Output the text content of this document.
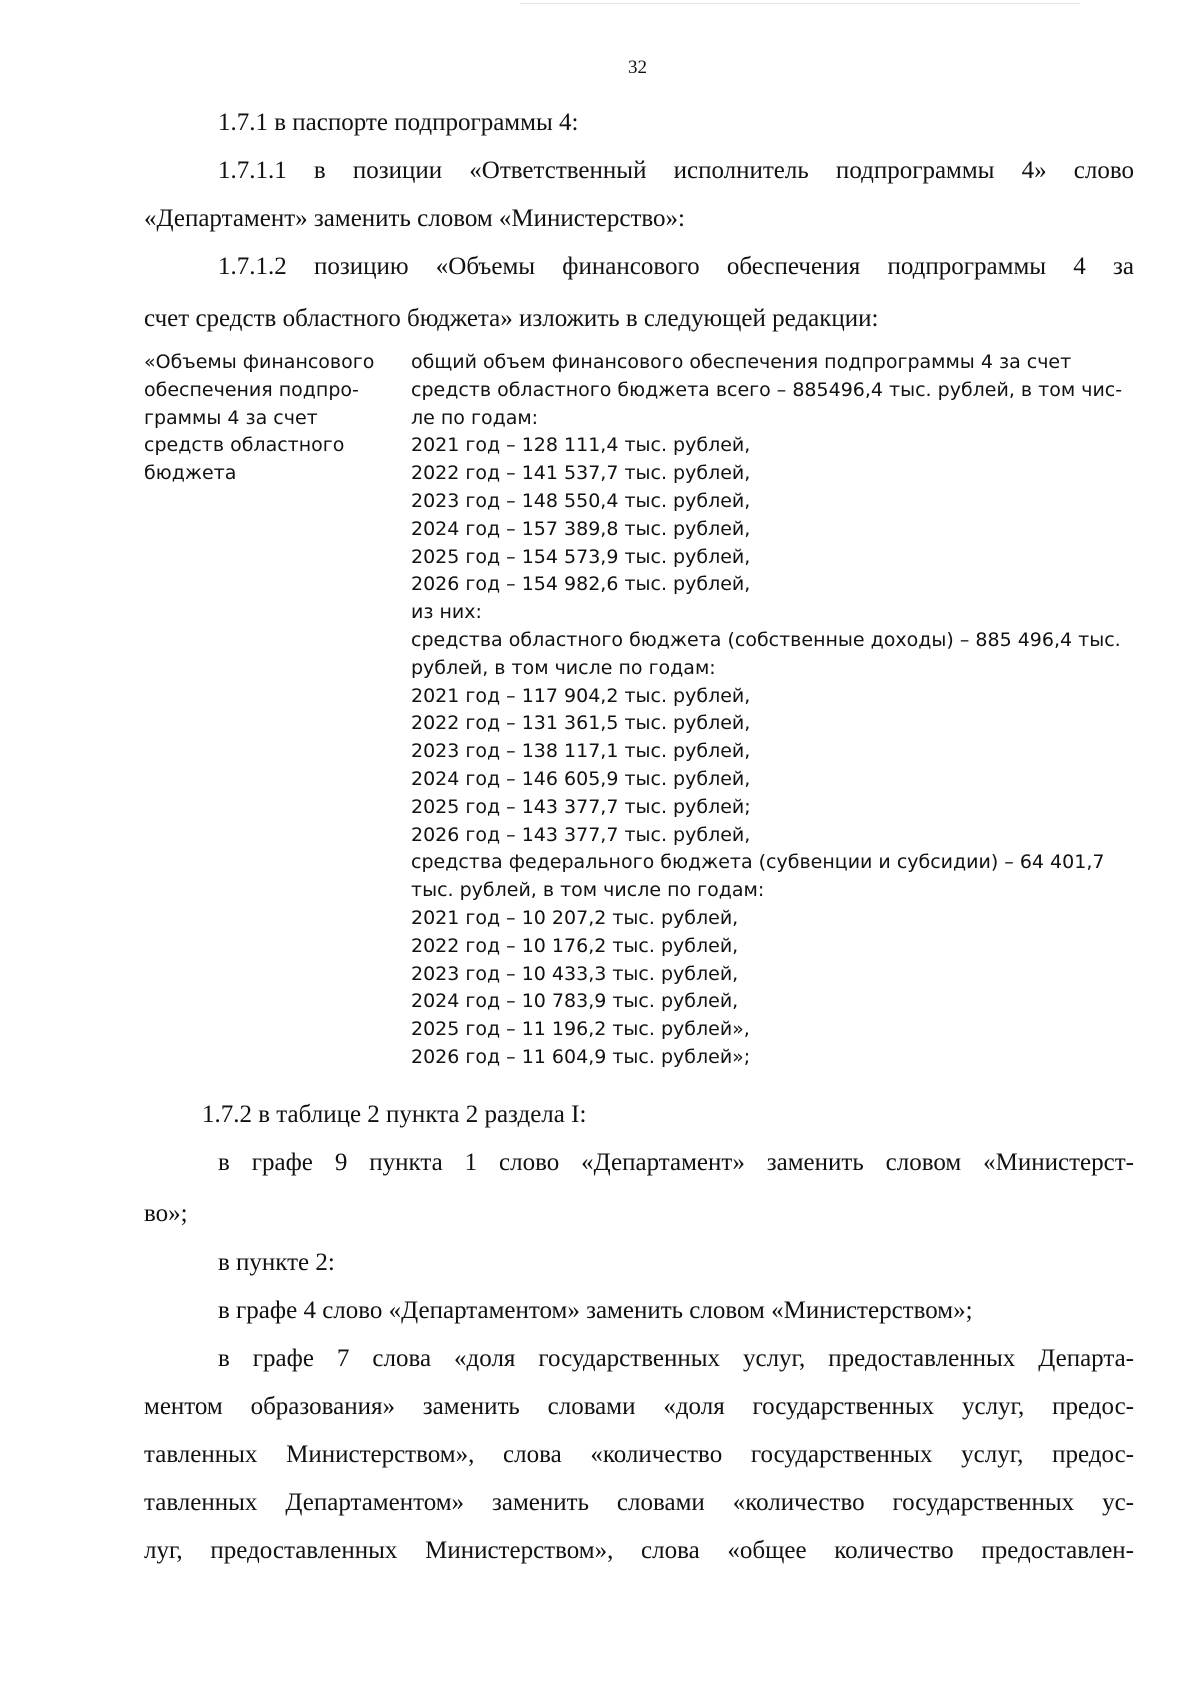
32
1.7.1 в паспорте подпрограммы 4:
1.7.1.1 в позиции «Ответственный исполнитель подпрограммы 4» слово
«Департамент» заменить словом «Министерство»:
1.7.1.2 позицию «Объемы финансового обеспечения подпрограммы 4 за
счет средств областного бюджета» изложить в следующей редакции:
«Объемы финансового
обеспечения подпро-
граммы 4 за счет
средств областного
бюджета
общий объем финансового обеспечения подпрограммы 4 за счет
средств областного бюджета всего – 885496,4 тыс. рублей, в том чис-
ле по годам:
2021 год – 128 111,4 тыс. рублей,
2022 год – 141 537,7 тыс. рублей,
2023 год – 148 550,4 тыс. рублей,
2024 год – 157 389,8 тыс. рублей,
2025 год – 154 573,9 тыс. рублей,
2026 год – 154 982,6 тыс. рублей,
из них:
средства областного бюджета (собственные доходы) – 885 496,4 тыс.
рублей, в том числе по годам:
2021 год – 117 904,2 тыс. рублей,
2022 год – 131 361,5 тыс. рублей,
2023 год – 138 117,1 тыс. рублей,
2024 год – 146 605,9 тыс. рублей,
2025 год – 143 377,7 тыс. рублей;
2026 год – 143 377,7 тыс. рублей,
средства федерального бюджета (субвенции и субсидии) – 64 401,7
тыс. рублей, в том числе по годам:
2021 год – 10 207,2 тыс. рублей,
2022 год – 10 176,2 тыс. рублей,
2023 год – 10 433,3 тыс. рублей,
2024 год – 10 783,9 тыс. рублей,
2025 год – 11 196,2 тыс. рублей»,
2026 год – 11 604,9 тыс. рублей»;
1.7.2 в таблице 2 пункта 2 раздела I:
в графе 9 пункта 1 слово «Департамент» заменить словом «Министерст-
во»;
в пункте 2:
в графе 4 слово «Департаментом» заменить словом «Министерством»;
в графе 7 слова «доля государственных услуг, предоставленных Департа-
ментом образования» заменить словами «доля государственных услуг, предос-
тавленных Министерством», слова «количество государственных услуг, предос-
тавленных Департаментом» заменить словами «количество государственных ус-
луг, предоставленных Министерством», слова «общее количество предоставлен-
